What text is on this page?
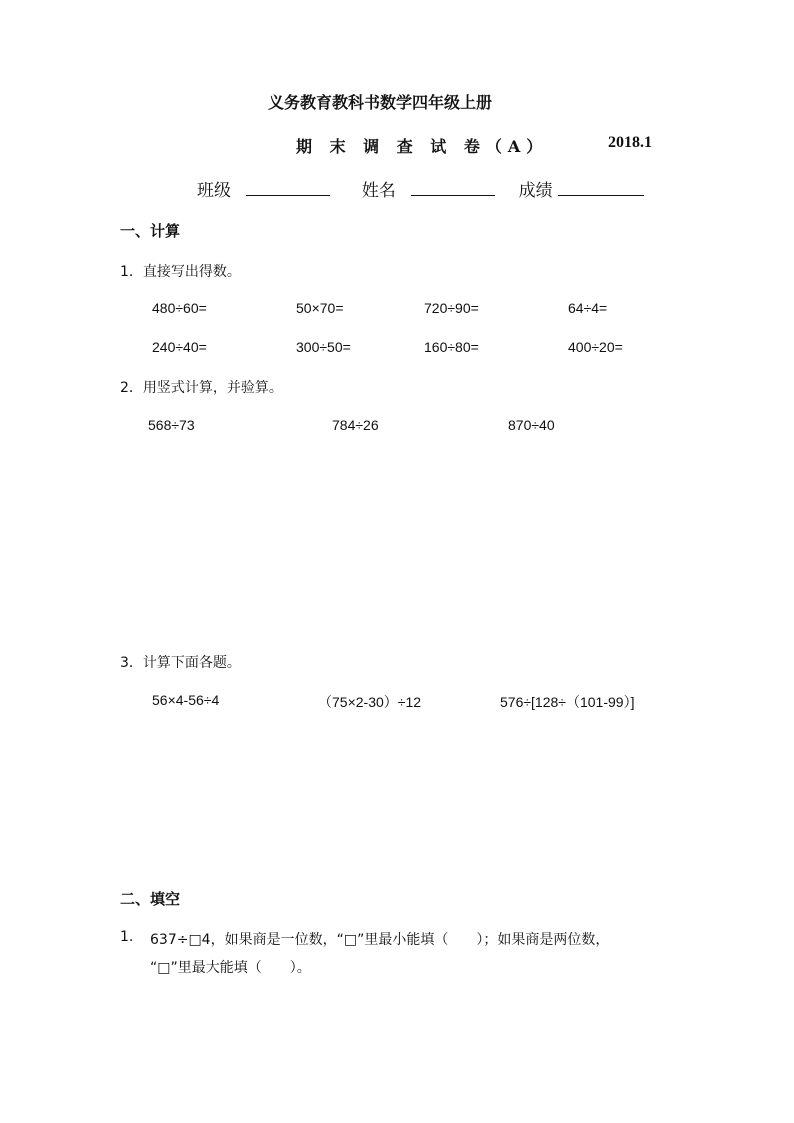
义务教育教科书数学四年级上册
期 末 调 查 试 卷（A）	2018.1
班级	姓名	成绩
一、计算
1．直接写出得数。
480÷60=	50×70=	720÷90=	64÷4=
240÷40=	300÷50=	160÷80=	400÷20=
2．用竖式计算，并验算。
568÷73	784÷26	870÷40
3．计算下面各题。
56×4-56÷4	（75×2-30）÷12	576÷[128÷（101-99）]
二、填空
1. 637÷□4，如果商是一位数，“□”里最小能填（　　）；如果商是两位数，
“□”里最大能填（　　）。
